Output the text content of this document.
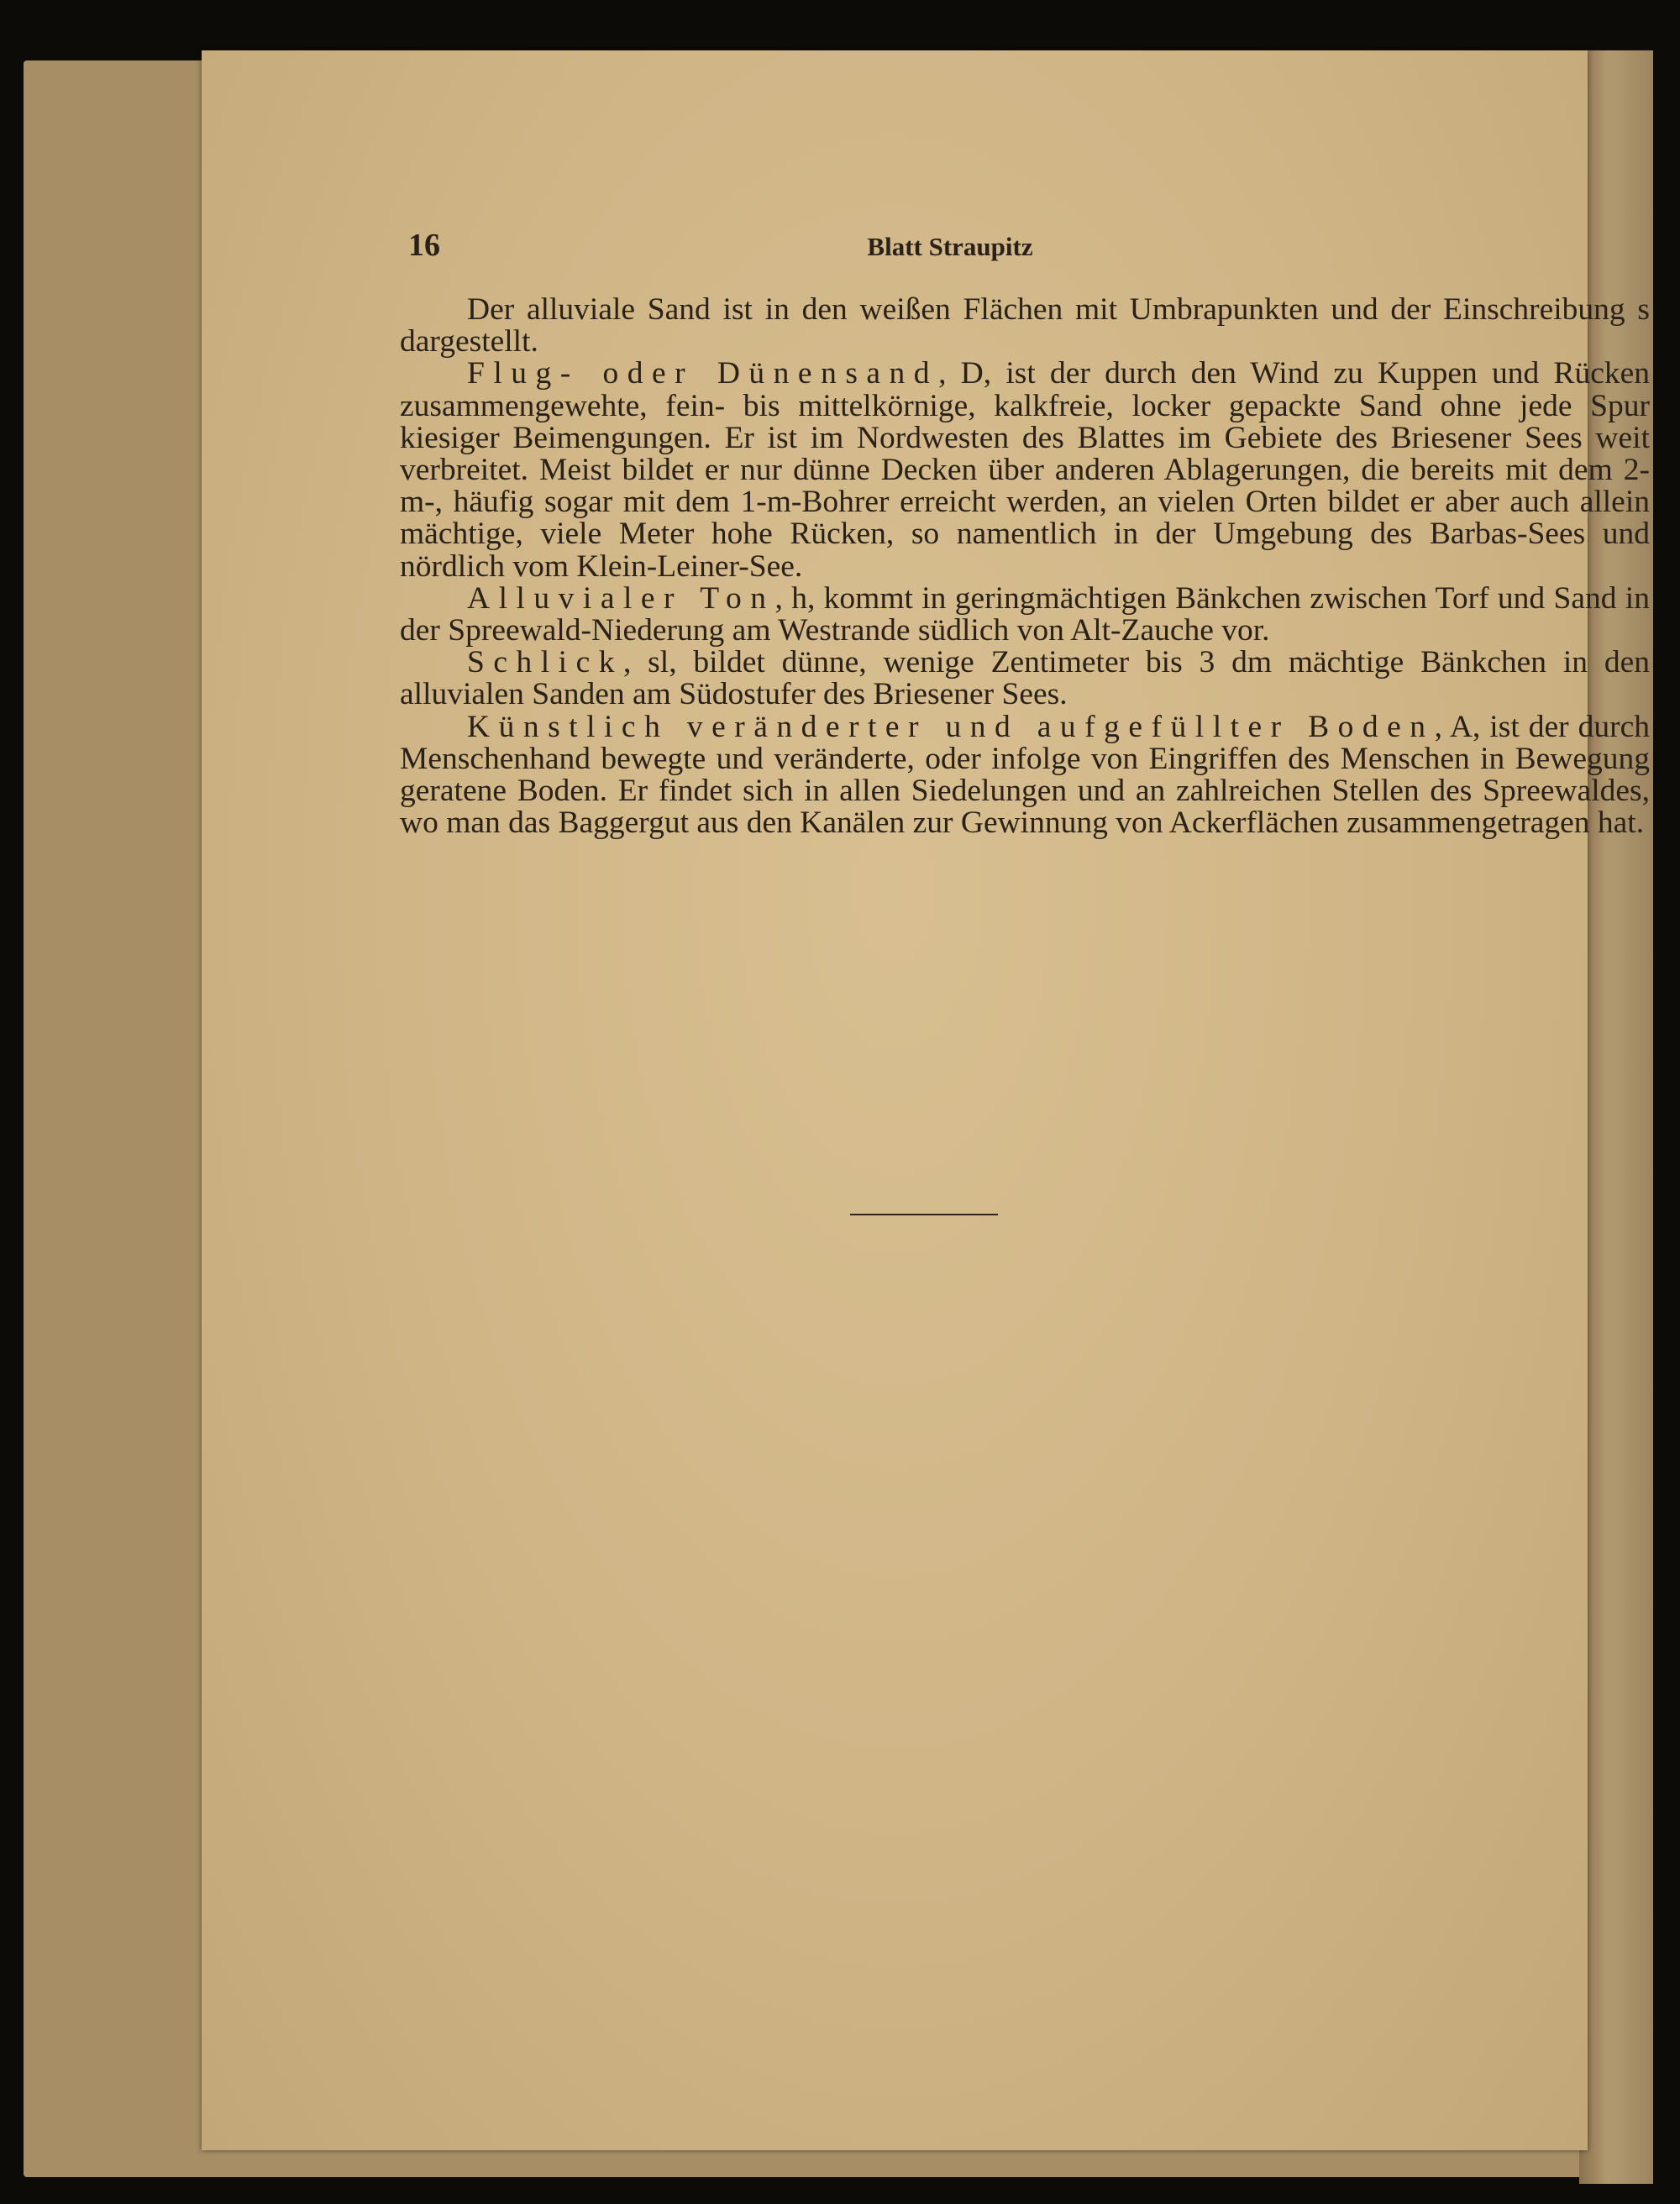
16	Blatt Straupitz

Der alluviale Sand ist in den weißen Flächen mit Umbrapunkten und der Einschreibung s dargestellt.

Flug- oder Dünensand, D, ist der durch den Wind zu Kuppen und Rücken zusammengewehte, fein- bis mittelkörnige, kalkfreie, locker gepackte Sand ohne jede Spur kiesiger Beimengungen. Er ist im Nordwesten des Blattes im Gebiete des Briesener Sees weit verbreitet. Meist bildet er nur dünne Decken über anderen Ablagerungen, die bereits mit dem 2-m-, häufig sogar mit dem 1-m-Bohrer erreicht werden, an vielen Orten bildet er aber auch allein mächtige, viele Meter hohe Rücken, so namentlich in der Umgebung des Barbas-Sees und nördlich vom Klein-Leiner-See.

Alluvialer Ton, h, kommt in geringmächtigen Bänkchen zwischen Torf und Sand in der Spreewald-Niederung am Westrande südlich von Alt-Zauche vor.

Schlick, sl, bildet dünne, wenige Zentimeter bis 3 dm mächtige Bänkchen in den alluvialen Sanden am Südostufer des Briesener Sees.

Künstlich veränderter und aufgefüllter Boden, A, ist der durch Menschenhand bewegte und veränderte, oder infolge von Eingriffen des Menschen in Bewegung geratene Boden. Er findet sich in allen Siedelungen und an zahlreichen Stellen des Spreewaldes, wo man das Baggergut aus den Kanälen zur Gewinnung von Ackerflächen zusammengetragen hat.
